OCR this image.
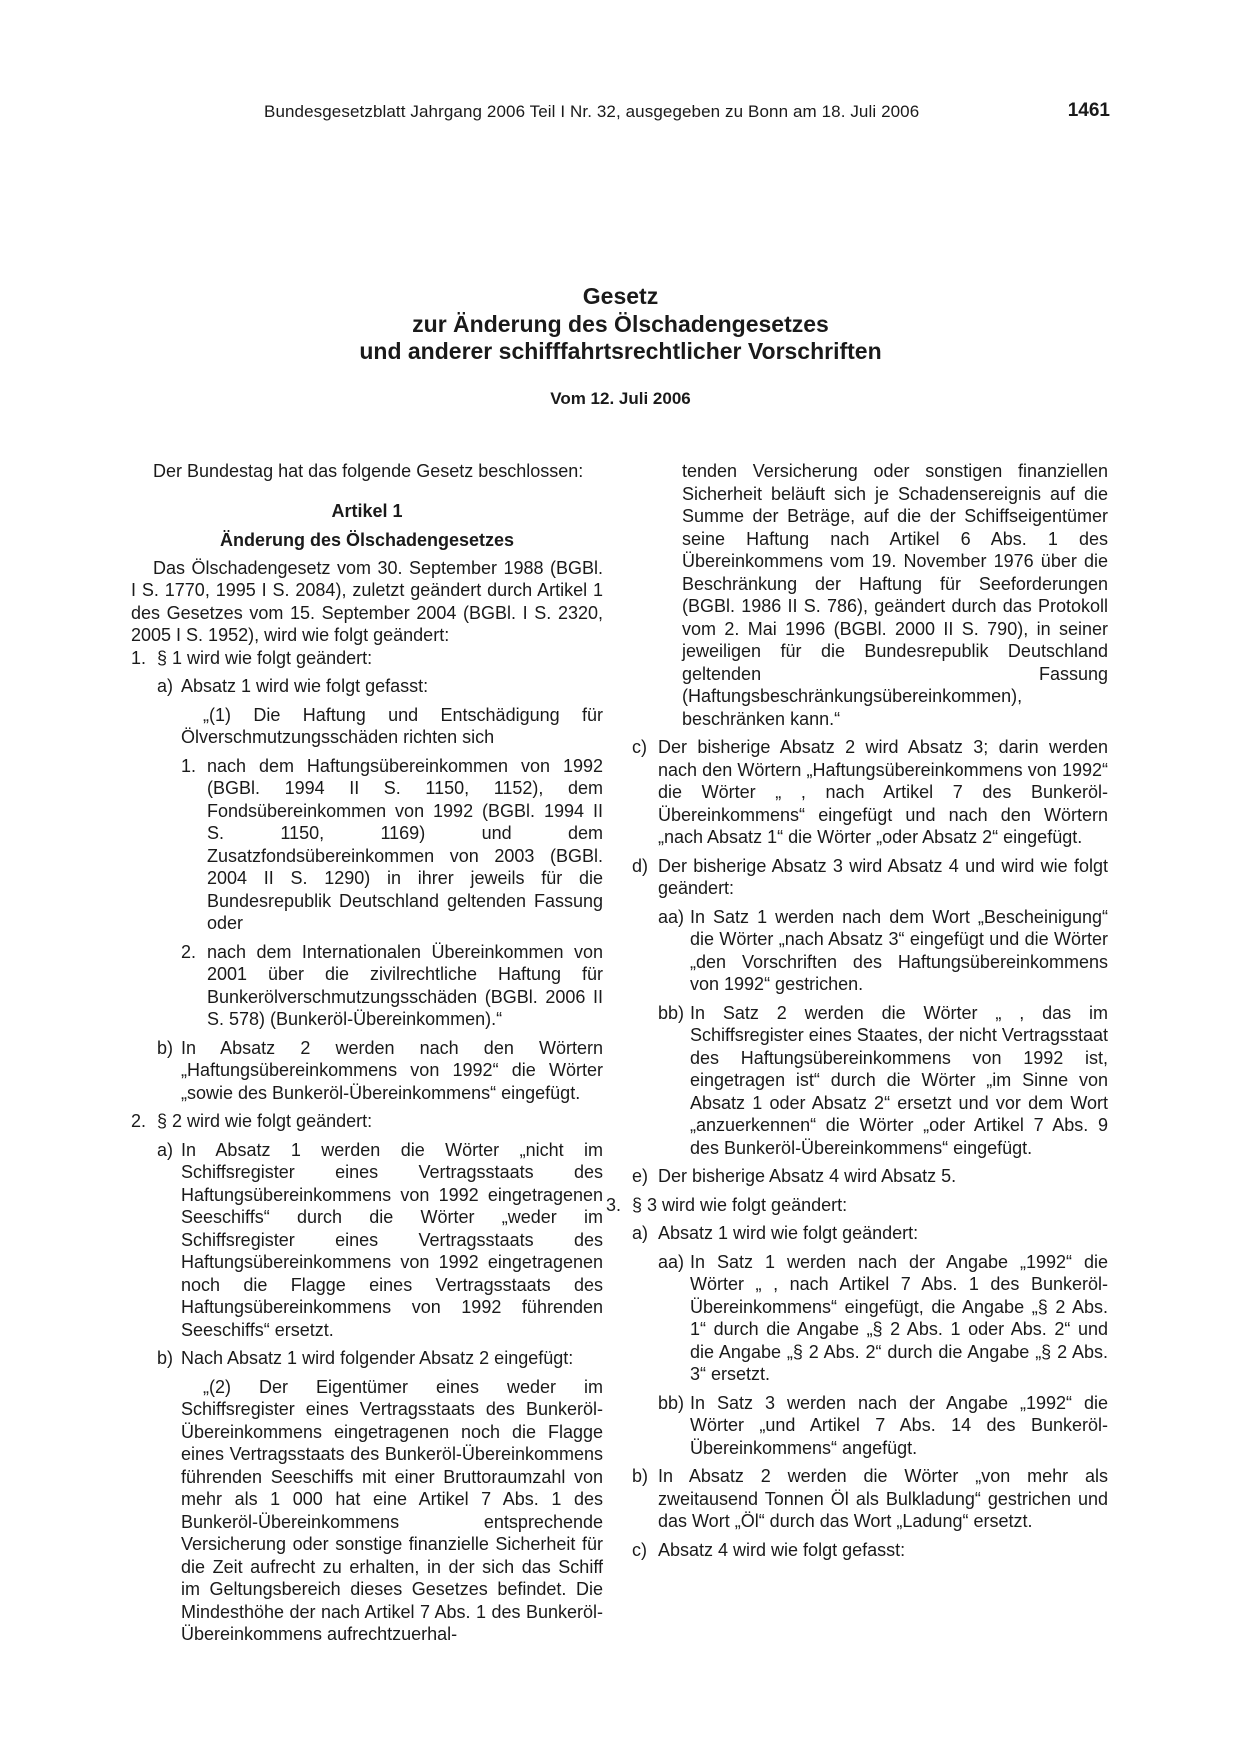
Bundesgesetzblatt Jahrgang 2006 Teil I Nr. 32, ausgegeben zu Bonn am 18. Juli 2006	1461
Gesetz
zur Änderung des Ölschadengesetzes
und anderer schifffahrtsrechtlicher Vorschriften
Vom 12. Juli 2006

Der Bundestag hat das folgende Gesetz beschlossen:

Artikel 1
Änderung des Ölschadengesetzes

Das Ölschadengesetz vom 30. September 1988 (BGBl. I S. 1770, 1995 I S. 2084), zuletzt geändert durch Artikel 1 des Gesetzes vom 15. September 2004 (BGBl. I S. 2320, 2005 I S. 1952), wird wie folgt geändert:

1. § 1 wird wie folgt geändert:
a) Absatz 1 wird wie folgt gefasst:

„(1) Die Haftung und Entschädigung für Ölverschmutzungsschäden richten sich

1. nach dem Haftungsübereinkommen von 1992 (BGBl. 1994 II S. 1150, 1152), dem Fondsübereinkommen von 1992 (BGBl. 1994 II S. 1150, 1169) und dem Zusatzfondsübereinkommen von 2003 (BGBl. 2004 II S. 1290) in ihrer jeweils für die Bundesrepublik Deutschland geltenden Fassung oder
2. nach dem Internationalen Übereinkommen von 2001 über die zivilrechtliche Haftung für Bunkerölverschmutzungsschäden (BGBl. 2006 II S. 578) (Bunkeröl-Übereinkommen).“
b) In Absatz 2 werden nach den Wörtern „Haftungsübereinkommens von 1992“ die Wörter „sowie des Bunkeröl-Übereinkommens“ eingefügt.
2. § 2 wird wie folgt geändert:
a) In Absatz 1 werden die Wörter „nicht im Schiffsregister eines Vertragsstaats des Haftungsübereinkommens von 1992 eingetragenen Seeschiffs“ durch die Wörter „weder im Schiffsregister eines Vertragsstaats des Haftungsübereinkommens von 1992 eingetragenen noch die Flagge eines Vertragsstaats des Haftungsübereinkommens von 1992 führenden Seeschiffs“ ersetzt.
b) Nach Absatz 1 wird folgender Absatz 2 eingefügt:

„(2) Der Eigentümer eines weder im Schiffsregister eines Vertragsstaats des Bunkeröl-Übereinkommens eingetragenen noch die Flagge eines Vertragsstaats des Bunkeröl-Übereinkommens führenden Seeschiffs mit einer Bruttoraumzahl von mehr als 1 000 hat eine Artikel 7 Abs. 1 des Bunkeröl-Übereinkommens entsprechende Versicherung oder sonstige finanzielle Sicherheit für die Zeit aufrecht zu erhalten, in der sich das Schiff im Geltungsbereich dieses Gesetzes befindet. Die Mindesthöhe der nach Artikel 7 Abs. 1 des Bunkeröl-Übereinkommens aufrechtzuerhal-

tenden Versicherung oder sonstigen finanziellen Sicherheit beläuft sich je Schadensereignis auf die Summe der Beträge, auf die der Schiffseigentümer seine Haftung nach Artikel 6 Abs. 1 des Übereinkommens vom 19. November 1976 über die Beschränkung der Haftung für Seeforderungen (BGBl. 1986 II S. 786), geändert durch das Protokoll vom 2. Mai 1996 (BGBl. 2000 II S. 790), in seiner jeweiligen für die Bundesrepublik Deutschland geltenden Fassung (Haftungsbeschränkungsübereinkommen), beschränken kann.“

c) Der bisherige Absatz 2 wird Absatz 3; darin werden nach den Wörtern „Haftungsübereinkommens von 1992“ die Wörter „ , nach Artikel 7 des Bunkeröl-Übereinkommens“ eingefügt und nach den Wörtern „nach Absatz 1“ die Wörter „oder Absatz 2“ eingefügt.
d) Der bisherige Absatz 3 wird Absatz 4 und wird wie folgt geändert:
aa) In Satz 1 werden nach dem Wort „Bescheinigung“ die Wörter „nach Absatz 3“ eingefügt und die Wörter „den Vorschriften des Haftungsübereinkommens von 1992“ gestrichen.
bb) In Satz 2 werden die Wörter „ , das im Schiffsregister eines Staates, der nicht Vertragsstaat des Haftungsübereinkommens von 1992 ist, eingetragen ist“ durch die Wörter „im Sinne von Absatz 1 oder Absatz 2“ ersetzt und vor dem Wort „anzuerkennen“ die Wörter „oder Artikel 7 Abs. 9 des Bunkeröl-Übereinkommens“ eingefügt.
e) Der bisherige Absatz 4 wird Absatz 5.
3. § 3 wird wie folgt geändert:
a) Absatz 1 wird wie folgt geändert:
aa) In Satz 1 werden nach der Angabe „1992“ die Wörter „ , nach Artikel 7 Abs. 1 des Bunkeröl-Übereinkommens“ eingefügt, die Angabe „§ 2 Abs. 1“ durch die Angabe „§ 2 Abs. 1 oder Abs. 2“ und die Angabe „§ 2 Abs. 2“ durch die Angabe „§ 2 Abs. 3“ ersetzt.
bb) In Satz 3 werden nach der Angabe „1992“ die Wörter „und Artikel 7 Abs. 14 des Bunkeröl-Übereinkommens“ angefügt.
b) In Absatz 2 werden die Wörter „von mehr als zweitausend Tonnen Öl als Bulkladung“ gestrichen und das Wort „Öl“ durch das Wort „Ladung“ ersetzt.
c) Absatz 4 wird wie folgt gefasst:
